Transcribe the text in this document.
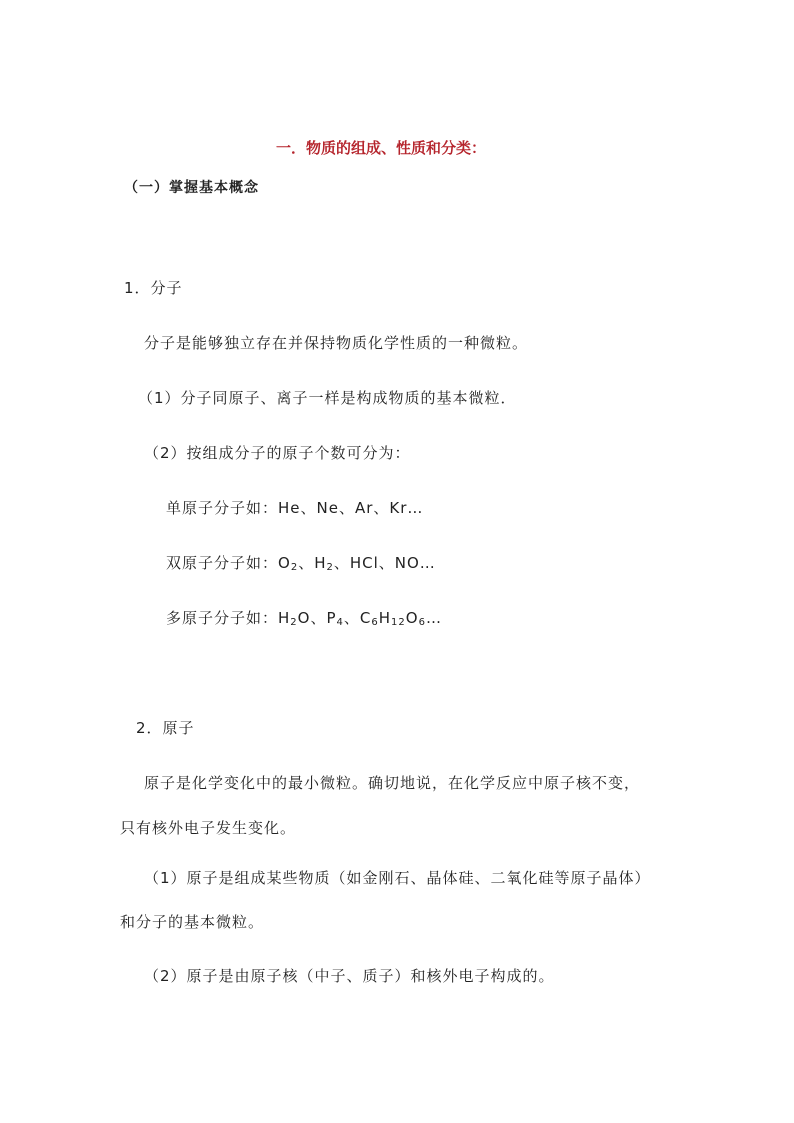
一．物质的组成、性质和分类：
（一）掌握基本概念
1．分子
分子是能够独立存在并保持物质化学性质的一种微粒。
（1）分子同原子、离子一样是构成物质的基本微粒．
（2）按组成分子的原子个数可分为：
单原子分子如：He、Ne、Ar、Kr…
双原子分子如：$O_2$、$H_2$、HCl、NO…
多原子分子如：$H_2O$、$P_4$、$C_6H_{12}O_6\dots$
2．原子
原子是化学变化中的最小微粒。确切地说，在化学反应中原子核不变，
只有核外电子发生变化。
（1）原子是组成某些物质（如金刚石、晶体硅、二氧化硅等原子晶体）
和分子的基本微粒。
（2）原子是由原子核（中子、质子）和核外电子构成的。
